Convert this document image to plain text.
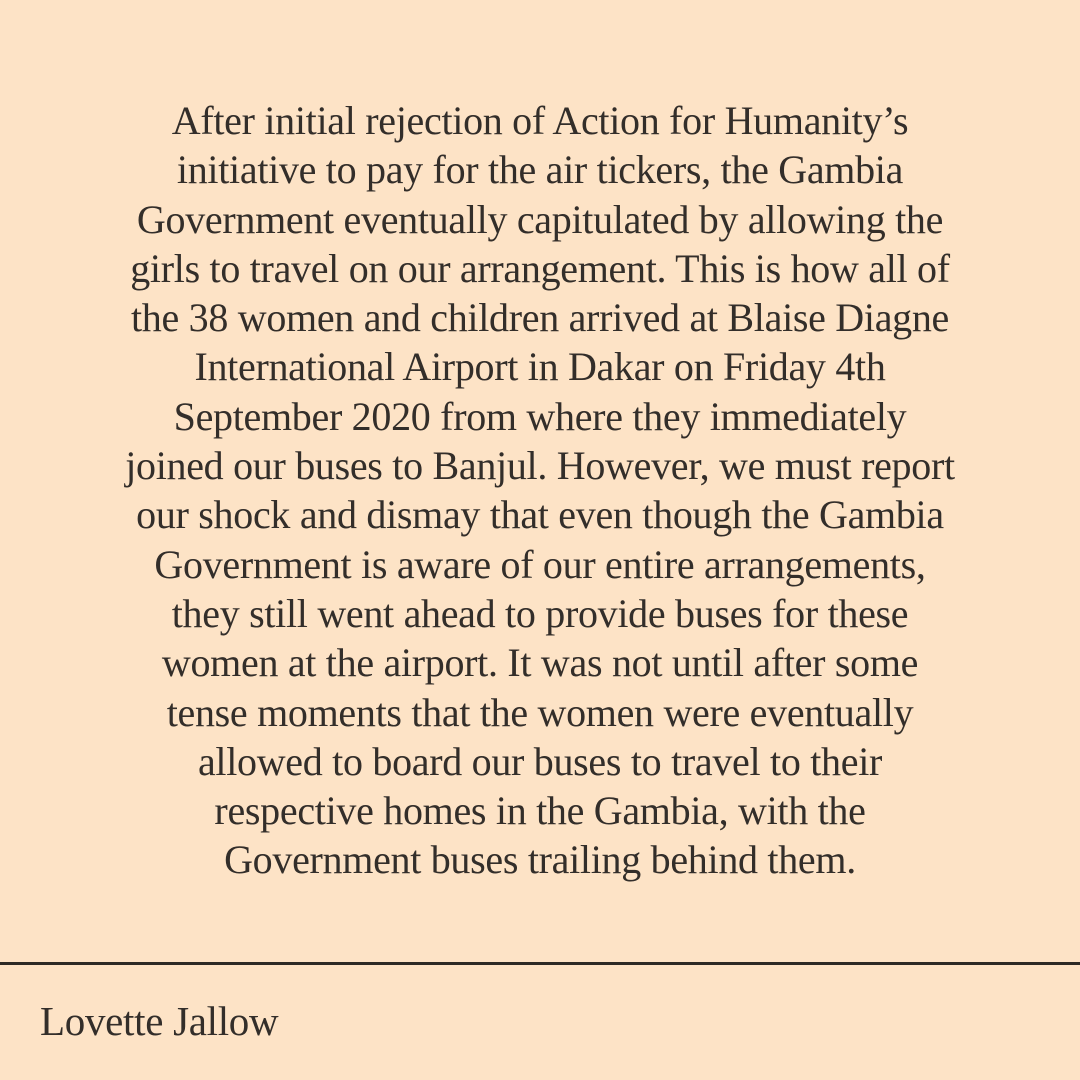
After initial rejection of Action for Humanity’s
initiative to pay for the air tickers, the Gambia
Government eventually capitulated by allowing the
girls to travel on our arrangement. This is how all of
the 38 women and children arrived at Blaise Diagne
International Airport in Dakar on Friday 4th
September 2020 from where they immediately
joined our buses to Banjul. However, we must report
our shock and dismay that even though the Gambia
Government is aware of our entire arrangements,
they still went ahead to provide buses for these
women at the airport. It was not until after some
tense moments that the women were eventually
allowed to board our buses to travel to their
respective homes in the Gambia, with the
Government buses trailing behind them.
Lovette Jallow
